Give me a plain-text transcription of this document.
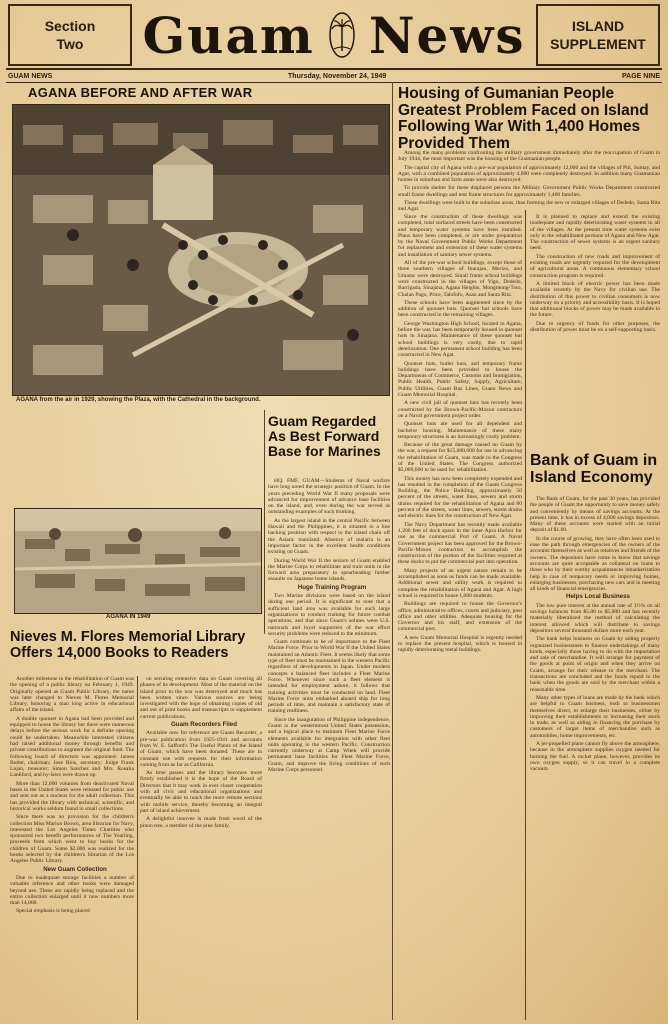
Section
Two Guam News	ISLAND
SUPPLEMENT
GUAM NEWS	Thursday, November 24, 1949	PAGE NINE
AGANA BEFORE AND AFTER WAR
AGANA from the air in 1929, showing the Plaza, with the Cathedral in the background.
AGANA IN 1949
Housing of Gumanian People Greatest Problem Faced on Island Following War With 1,400 Homes Provided Them

Among the many problems confronting the military government immediately after the reoccupation of Guam in July 1944, the most important was the housing of the Guamanian people.

The capital city of Agana with a pre-war population of approximately 12,000 and the villages of Piti, Sumay, and Agat, with a combined population of approximately 4,000 were completely destroyed. In addition many Guamanian homes in suburban and farm areas were also destroyed.

To provide shelter for these displaced persons the Military Government Public Works Department constructed small frame dwellings and tent frame structures for approximately 1,400 families.

These dwellings were built in the suburban areas, thus forming the new or enlarged villages of Dededo, Santa Rita and Agat.

Since the construction of these dwellings was completed, total surfaced streets have been constructed and temporary water systems have been installed. Plans have been completed, or are under preparation by the Naval Government Public Works Department for replacement and extension of these water systems and installation of sanitary sewer systems.

All of the pre-war school buildings, except those of three southern villages of Inarajan, Merizo, and Umatac were destroyed. Small frame school buildings were constructed in the villages of Yigo, Dededo, Barrigada, Sinajana, Agana Heights, Mongmong-Toto, Chalan Pago, Price, Talofofo, Asan and Santa Rita.

These schools have been augmented since by the addition of quonset huts. Quonset hut schools have been constructed in the remaining villages.

George Washington High School, located in Agana, before the war, has been temporarily housed in quonset huts in Sinajana. Maintenance of these quonset hut school buildings is very costly, due to rapid deterioration. One permanent school building has been constructed in New Agat.

Quonset huts, butler huts, and temporary frame buildings have been provided to house the Departments of Commerce, Customs and Immigration, Public Health, Public Safety, Supply, Agriculture, Public Utilities, Guam Bus Lines, Guam News and Guam Memorial Hospital.

A new civil jail of quonset huts has recently been constructed by the Brown-Pacific-Maxon contractors on a Naval government project order.

Quonset huts are used for all dependent and bachelor housing. Maintenance of these many temporary structures is an increasingly costly problem.

Because of the great damage caused on Guam by the war, a request for $15,000,000 for use in advancing the rehabilitation of Guam, was made to the Congress of the United States. The Congress authorized $5,000,000 to be used for rehabilitation.

This money has now been completely expended and has resulted in the completion of the Guam Congress Building, the Police Building, approximately 50 percent of the streets, water lines, sewers and storm drains required for the rehabilitation of Agana and 80 percent of the streets, water lines, sewers, storm drains and electric lines for the construction of New Agat.

The Navy Department has recently made available 1,200 feet of dock space in the inner Apra Harbor for use as the commercial Port of Guam. A Naval Government project has been approved for the Brown-Pacific-Maxon contractors to accomplish the construction of the portion of the facilities required at these docks to put the commercial port into operation.

Many projects of an urgent nature remain to be accomplished as soon as funds can be made available. Additional sewer and utility work is required to complete the rehabilitation of Agana and Agat. A high school is required to house 1,000 students.

Buildings are required to house the Governor's office, administrative offices, courts and judiciary, post office and other utilities. Adequate housing for the Governor and his staff, and extension of the commercial port.

A new Guam Memorial Hospital is urgently needed to replace the present hospital, which is housed in rapidly deteriorating metal buildings.

It is planned to replace and extend the existing inadequate and rapidly deteriorating water systems in all of the villages. At the present time water systems exist only in the rehabilitated portions of Agana and New Agat. The construction of sewer systems is an urgent sanitary need.

The construction of new roads and improvement of existing roads are urgently required for the development of agricultural areas. A continuous elementary school construction program is required.

A limited block of electric power has been made available recently by the Navy for civilian use. The distribution of this power to civilian consumers is now underway on a priority and accessibility basis. It is hoped that additional blocks of power may be made available in the future.

Due to urgency of funds for other purposes, the distribution of power must be on a self-supporting basis.

Bank of Guam in Island Economy

The Bank of Guam, for the past 30 years, has provided the people of Guam the opportunity to save money safely and conveniently by means of savings accounts. At the present time, it has in excess of 4,000 savings depositors. Many of these accounts were started with an initial deposit of $1.00.

In the course of growing, they have often been used to ease the path through emergencies of the owners of the accounts themselves as well as relatives and friends of the owners. The depositors have come to know that savings accounts are quite acceptable as collateral on loans to those who by their worthy acquaintances inbankerization help in case of temporary needs or improving homes, enlarging businesses, purchasing new cars and in meeting all kinds of financial emergencies.

Helps Local Business

The low pure interest at the annual rate of 1½% on all savings balances from $5.00 to $5,000 and has recently materially liberalized the method of calculating the interest allowed which will distribute to savings depositors several thousand dollars more each year.

The bank helps business on Guam by aiding properly organized businessmen to finance undertakings of many kinds, especially those having to do with the importation and sale of merchandise. It will arrange for payment of the goods at point of origin and when they arrive on Guam, arrange for their release to the merchant. The transactions are concluded and the funds repaid to the bank when the goods are sold by the merchant within a reasonable time.

Many other types of loans are made by the bank which are helpful to Guam business, both to businessmen themselves direct, to enlarge their businesses, either by improving their establishments or increasing their stock in trade, as well as aiding in financing the purchase by customers of larger items of merchandise such as automobiles, home improvements, etc.

A jet-propelled plane cannot fly above the atmosphere, because in the atmosphere supplies oxygen needed for burning the fuel. A rocket plane, however, provides its own oxygen supply, so it can travel in a complete vacuum.

Guam Regarded As Best Forward Base for Marines

HQ. FMF, GUAM—Students of Naval warfare have long noted the strategic position of Guam. In the years preceding World War II many proposals were advanced for improvement of advance base facilities on the island, and, even during the war served as outstanding examples of such thinking.

As the largest island in the central Pacific between Hawaii and the Philippines, it is situated in a line backing position with respect to the island chain off the Asiatic mainland. Absence of malaria is an important factor in the excellent health conditions existing on Guam.

During World War II the seizure of Guam enabled the Marine Corps to rehabilitate and train units in the forward area preparatory to spearheading further assaults on Japanese home islands.

Huge Training Program

Two Marine divisions were based on the island during one period. It is significant to note that a sufficient land area was available for such large organizations to conduct training for future combat operations, and that since Guam's solutes were U.S. nationals and loyal supporters of the war effort security problems were reduced to the minimum.

Guam continues to be of importance to the Fleet Marine Force. Prior to World War II the United States maintained an Atlantic Fleet. It seems likely that some type of fleet must be maintained in the western Pacific regardless of developments in Japan. Under modern concepts a balanced fleet includes a Fleet Marine Force. Whenever since such a fleet element is intended for employment ashore, it follows that training activities must be conducted on land. Fleet Marine Force units embarked aboard ship for long periods of time, and maintain a satisfactory state of training readiness.

Since the inauguration of Philippine independence, Guam is the westernmost United States possession, and a logical place to maintain Fleet Marine Force elements available for integration with other fleet units operating in the western Pacific. Construction currently underway at Camp Witek will provide permanent base facilities for Fleet Marine Force, Guam, and improve the living conditions of such Marine Corps personnel.

Nieves M. Flores Memorial Library Offers 14,000 Books to Readers

Another milestone in the rehabilitation of Guam was the opening of a public library on February 1, 1949. Originally opened as Guam Public Library, the name was later changed to Nieves M. Flores Memorial Library, honoring a man long active in educational affairs of the island.

A double quonset in Agana had been provided and equipped to house the library but there were numerous delays before the serious work for a definite opening could be undertaken. Meanwhile interested citizens had raised additional money through benefits and private contributions to augment the original fund. The following board of directors was appointed: James Butler, chairman; Jose Rios, secretary; Judge Frank Lujan, treasurer; Simon Sanchez and Mrs. Rosalia Lankford, and by-laws were drawn up.

More than 12,000 volumes from deactivated Naval bases in the United States were released for public use and sent out as a nucleus for the adult collection. This has provided the library with technical, scientific, and historical works seldom found in small collections.

Since there was no provision for the children's collection Miss Marion Brown, area librarian for Navy, interested the Los Angeles Times Charities who sponsored two benefit performances of The Yearling, proceeds from which went to buy books for the children of Guam. Some $2,000 was realized for the books selected by the children's librarian of the Los Angeles Public Library.

New Guam Collection

Due to inadequate storage facilities a number of valuable reference and other books were damaged beyond use. These are rapidly being replaced and the entire collection enlarged until it now numbers more than 14,000.

Special emphasis is being placed

on securing extensive data on Guam covering all phases of its development. Most of the material on the island prior to the war was destroyed and much has been written since. Various sources are being investigated with the hope of obtaining copies of old and out of print books and manuscripts to supplement current publications.

Guam Recorders Filed

Available now for reference are Guam Recorder, a pre-war publication from 1925-1941 and accounts from W. E. Safford's The Useful Plants of the Island of Guam, which have been donated. These are in constant use with requests for their information coming from as far as California.

As time passes and the library becomes more firmly established it is the hope of the Board of Directors that it may work in ever closer cooperation with all civic and educational organizations and eventually be able to reach the more remote sections with mobile service, thereby becoming an integral part of island achievement.

A delightful innovee is made from wood of the pinon tree, a member of the pine family.
